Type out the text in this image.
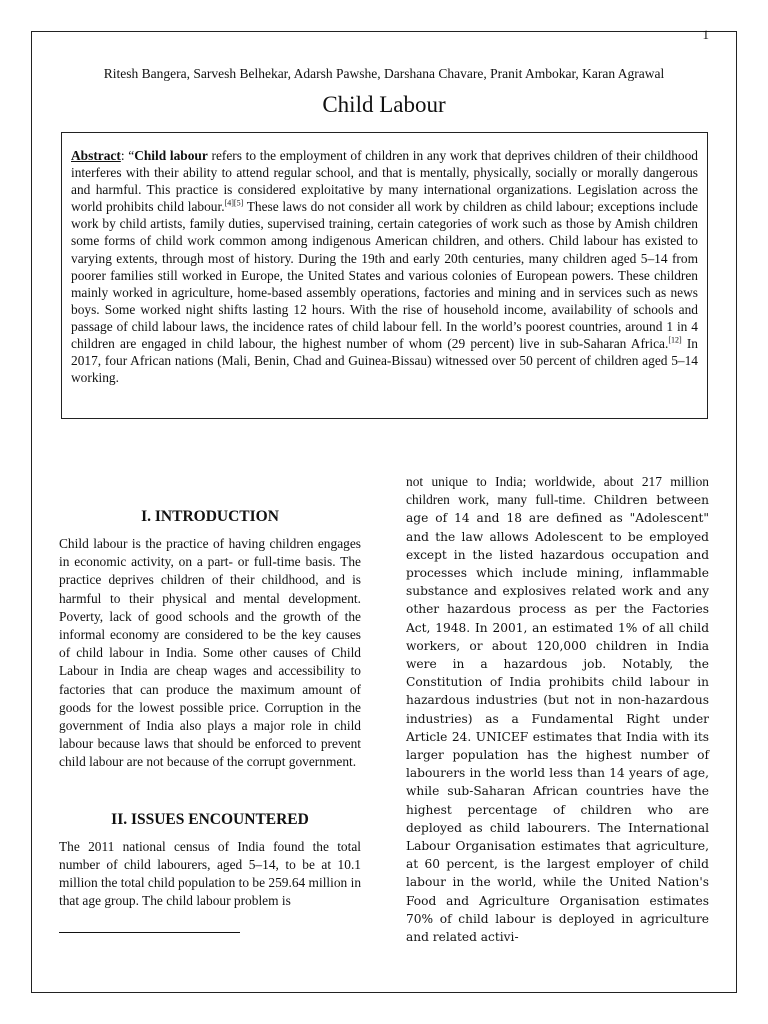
1
Ritesh Bangera, Sarvesh Belhekar, Adarsh Pawshe, Darshana Chavare, Pranit Ambokar, Karan Agrawal
Child Labour
Abstract: “Child labour refers to the employment of children in any work that deprives children of their childhood interferes with their ability to attend regular school, and that is mentally, physically, socially or morally dangerous and harmful. This practice is considered exploitative by many international organizations. Legislation across the world prohibits child labour.[4][5] These laws do not consider all work by children as child labour; exceptions include work by child artists, family duties, supervised training, certain categories of work such as those by Amish children some forms of child work common among indigenous American children, and others. Child labour has existed to varying extents, through most of history. During the 19th and early 20th centuries, many children aged 5–14 from poorer families still worked in Europe, the United States and various colonies of European powers. These children mainly worked in agriculture, home-based assembly operations, factories and mining and in services such as news boys. Some worked night shifts lasting 12 hours. With the rise of household income, availability of schools and passage of child labour laws, the incidence rates of child labour fell. In the world’s poorest countries, around 1 in 4 children are engaged in child labour, the highest number of whom (29 percent) live in sub-Saharan Africa.[12] In 2017, four African nations (Mali, Benin, Chad and Guinea-Bissau) witnessed over 50 percent of children aged 5–14 working.
I. INTRODUCTION

Child labour is the practice of having children engages in economic activity, on a part- or full-time basis. The practice deprives children of their childhood, and is harmful to their physical and mental development. Poverty, lack of good schools and the growth of the informal economy are considered to be the key causes of child labour in India. Some other causes of Child Labour in India are cheap wages and accessibility to factories that can produce the maximum amount of goods for the lowest possible price. Corruption in the government of India also plays a major role in child labour because laws that should be enforced to prevent child labour are not because of the corrupt government.

II. ISSUES ENCOUNTERED

The 2011 national census of India found the total number of child labourers, aged 5–14, to be at 10.1 million the total child population to be 259.64 million in that age group. The child labour problem is

not unique to India; worldwide, about 217 million children work, many full-time. Children between age of 14 and 18 are defined as "Adolescent" and the law allows Adolescent to be employed except in the listed hazardous occupation and processes which include mining, inflammable substance and explosives related work and any other hazardous process as per the Factories Act, 1948. In 2001, an estimated 1% of all child workers, or about 120,000 children in India were in a hazardous job. Notably, the Constitution of India prohibits child labour in hazardous industries (but not in non-hazardous industries) as a Fundamental Right under Article 24. UNICEF estimates that India with its larger population has the highest number of labourers in the world less than 14 years of age, while sub-Saharan African countries have the highest percentage of children who are deployed as child labourers. The International Labour Organisation estimates that agriculture, at 60 percent, is the largest employer of child labour in the world, while the United Nation's Food and Agriculture Organisation estimates 70% of child labour is deployed in agriculture and related activi-
